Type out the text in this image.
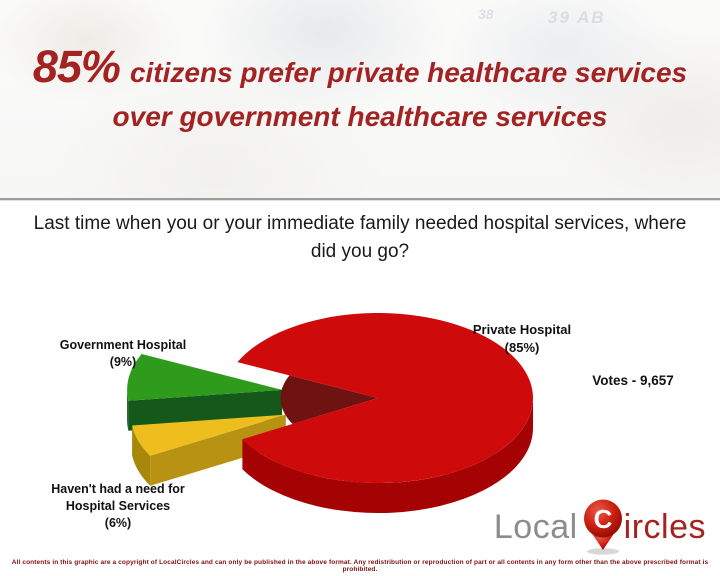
39 AB
38
85% citizens prefer private healthcare services
over government healthcare services
Last time when you or your immediate family needed hospital services, where did you go?
Government Hospital
(9%)
Private Hospital
(85%)
Haven't had a need for
Hospital Services
(6%)
Votes - 9,657
Local C ircles
All contents in this graphic are a copyright of LocalCircles and can only be published in the above format. Any redistribution or reproduction of part or all contents in any form other than the above prescribed format is prohibited.
